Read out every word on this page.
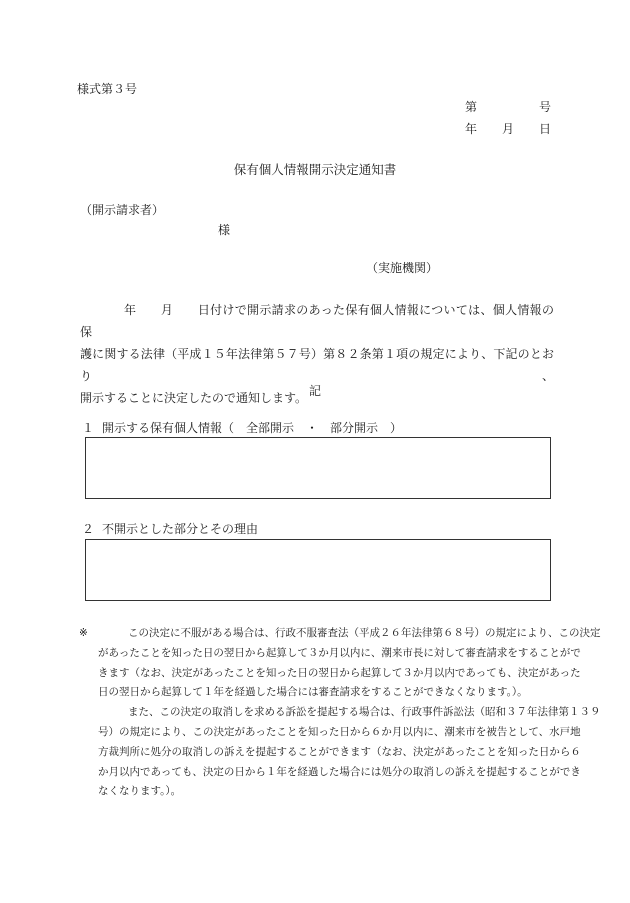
様式第３号
第	号
年 月 日
保有個人情報開示決定通知書
（開示請求者）
様
（実施機関）

年　　月　　日付けで開示請求のあった保有個人情報については、個人情報の保

護に関する法律（平成１５年法律第５７号）第８２条第１項の規定により、下記のとおり、

開示することに決定したので通知します。 記
１ 開示する保有個人情報（　全部開示　・　部分開示　）
２ 不開示とした部分とその理由
※	この決定に不服がある場合は、行政不服審査法（平成２６年法律第６８号）の規定により、この決定
があったことを知った日の翌日から起算して３か月以内に、潮来市長に対して審査請求をすることがで
きます（なお、決定があったことを知った日の翌日から起算して３か月以内であっても、決定があった
日の翌日から起算して１年を経過した場合には審査請求をすることができなくなります。）。
また、この決定の取消しを求める訴訟を提起する場合は、行政事件訴訟法（昭和３７年法律第１３９
号）の規定により、この決定があったことを知った日から６か月以内に、潮来市を被告として、水戸地
方裁判所に処分の取消しの訴えを提起することができます（なお、決定があったことを知った日から６
か月以内であっても、決定の日から１年を経過した場合には処分の取消しの訴えを提起することができ
なくなります。）。
